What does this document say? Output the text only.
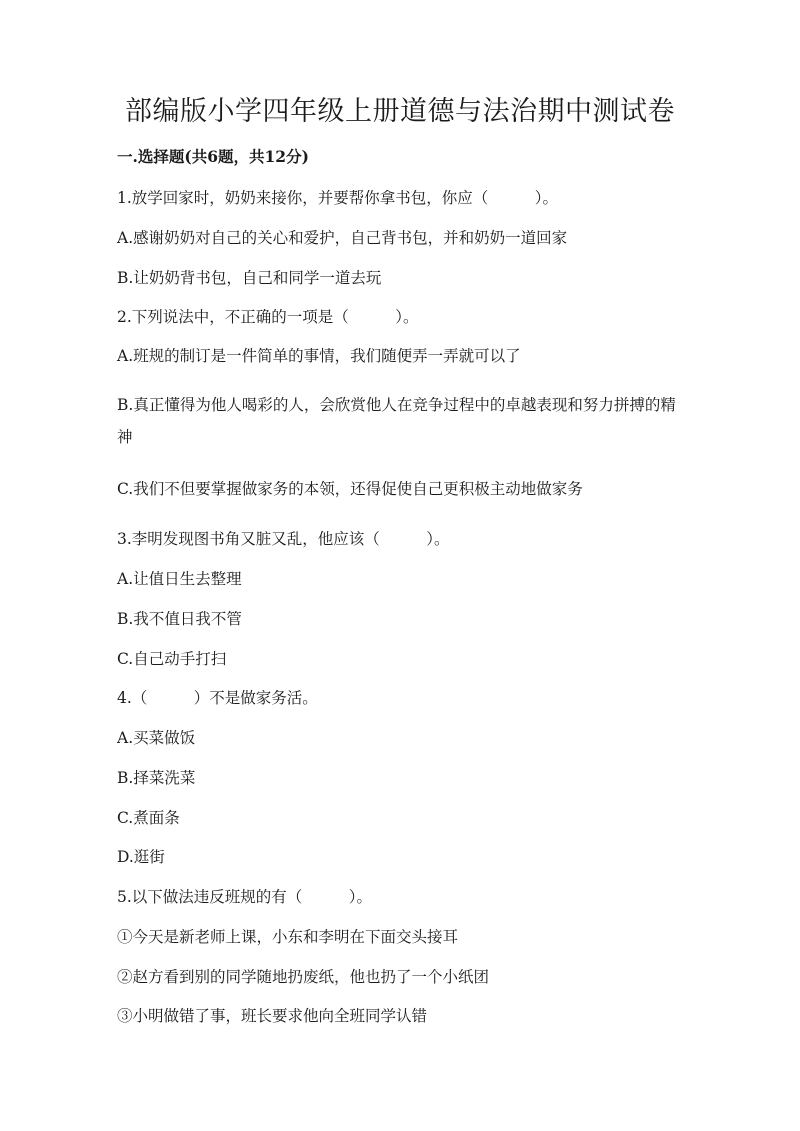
部编版小学四年级上册道德与法治期中测试卷

一.选择题(共6题，共12分)

1.放学回家时，奶奶来接你，并要帮你拿书包，你应（　　　）。

A.感谢奶奶对自己的关心和爱护，自己背书包，并和奶奶一道回家

B.让奶奶背书包，自己和同学一道去玩

2.下列说法中，不正确的一项是（　　　）。

A.班规的制订是一件简单的事情，我们随便弄一弄就可以了

B.真正懂得为他人喝彩的人，会欣赏他人在竞争过程中的卓越表现和努力拼搏的精神

C.我们不但要掌握做家务的本领，还得促使自己更积极主动地做家务

3.李明发现图书角又脏又乱，他应该（　　　）。

A.让值日生去整理

B.我不值日我不管

C.自己动手打扫

4.（　　　）不是做家务活。

A.买菜做饭

B.择菜洗菜

C.煮面条

D.逛街

5.以下做法违反班规的有（　　　）。

①今天是新老师上课，小东和李明在下面交头接耳

②赵方看到别的同学随地扔废纸，他也扔了一个小纸团

③小明做错了事，班长要求他向全班同学认错
